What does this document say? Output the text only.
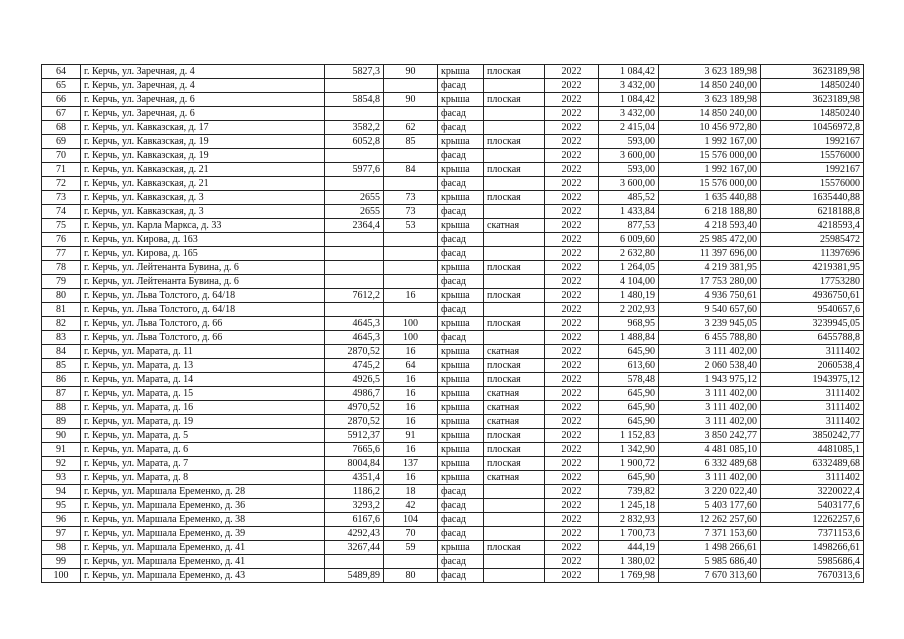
64	г. Керчь, ул. Заречная, д. 4	5827,3	90	крыша	плоская	2022	1 084,42	3 623 189,98	3623189,98
65	г. Керчь, ул. Заречная, д. 4			фасад		2022	3 432,00	14 850 240,00	14850240
66	г. Керчь, ул. Заречная, д. 6	5854,8	90	крыша	плоская	2022	1 084,42	3 623 189,98	3623189,98
67	г. Керчь, ул. Заречная, д. 6			фасад		2022	3 432,00	14 850 240,00	14850240
68	г. Керчь, ул. Кавказская, д. 17	3582,2	62	фасад		2022	2 415,04	10 456 972,80	10456972,8
69	г. Керчь, ул. Кавказская, д. 19	6052,8	85	крыша	плоская	2022	593,00	1 992 167,00	1992167
70	г. Керчь, ул. Кавказская, д. 19			фасад		2022	3 600,00	15 576 000,00	15576000
71	г. Керчь, ул. Кавказская, д. 21	5977,6	84	крыша	плоская	2022	593,00	1 992 167,00	1992167
72	г. Керчь, ул. Кавказская, д. 21			фасад		2022	3 600,00	15 576 000,00	15576000
73	г. Керчь, ул. Кавказская, д. 3	2655	73	крыша	плоская	2022	485,52	1 635 440,88	1635440,88
74	г. Керчь, ул. Кавказская, д. 3	2655	73	фасад		2022	1 433,84	6 218 188,80	6218188,8
75	г. Керчь, ул. Карла Маркса, д. 33	2364,4	53	крыша	скатная	2022	877,53	4 218 593,40	4218593,4
76	г. Керчь, ул. Кирова, д. 163			фасад		2022	6 009,60	25 985 472,00	25985472
77	г. Керчь, ул. Кирова, д. 165			фасад		2022	2 632,80	11 397 696,00	11397696
78	г. Керчь, ул. Лейтенанта Бувина, д. 6			крыша	плоская	2022	1 264,05	4 219 381,95	4219381,95
79	г. Керчь, ул. Лейтенанта Бувина, д. 6			фасад		2022	4 104,00	17 753 280,00	17753280
80	г. Керчь, ул. Льва Толстого, д. 64/18	7612,2	16	крыша	плоская	2022	1 480,19	4 936 750,61	4936750,61
81	г. Керчь, ул. Льва Толстого, д. 64/18			фасад		2022	2 202,93	9 540 657,60	9540657,6
82	г. Керчь, ул. Льва Толстого, д. 66	4645,3	100	крыша	плоская	2022	968,95	3 239 945,05	3239945,05
83	г. Керчь, ул. Льва Толстого, д. 66	4645,3	100	фасад		2022	1 488,84	6 455 788,80	6455788,8
84	г. Керчь, ул. Марата, д. 11	2870,52	16	крыша	скатная	2022	645,90	3 111 402,00	3111402
85	г. Керчь, ул. Марата, д. 13	4745,2	64	крыша	плоская	2022	613,60	2 060 538,40	2060538,4
86	г. Керчь, ул. Марата, д. 14	4926,5	16	крыша	плоская	2022	578,48	1 943 975,12	1943975,12
87	г. Керчь, ул. Марата, д. 15	4986,7	16	крыша	скатная	2022	645,90	3 111 402,00	3111402
88	г. Керчь, ул. Марата, д. 16	4970,52	16	крыша	скатная	2022	645,90	3 111 402,00	3111402
89	г. Керчь, ул. Марата, д. 19	2870,52	16	крыша	скатная	2022	645,90	3 111 402,00	3111402
90	г. Керчь, ул. Марата, д. 5	5912,37	91	крыша	плоская	2022	1 152,83	3 850 242,77	3850242,77
91	г. Керчь, ул. Марата, д. 6	7665,6	16	крыша	плоская	2022	1 342,90	4 481 085,10	4481085,1
92	г. Керчь, ул. Марата, д. 7	8004,84	137	крыша	плоская	2022	1 900,72	6 332 489,68	6332489,68
93	г. Керчь, ул. Марата, д. 8	4351,4	16	крыша	скатная	2022	645,90	3 111 402,00	3111402
94	г. Керчь, ул. Маршала Еременко, д. 28	1186,2	18	фасад		2022	739,82	3 220 022,40	3220022,4
95	г. Керчь, ул. Маршала Еременко, д. 36	3293,2	42	фасад		2022	1 245,18	5 403 177,60	5403177,6
96	г. Керчь, ул. Маршала Еременко, д. 38	6167,6	104	фасад		2022	2 832,93	12 262 257,60	12262257,6
97	г. Керчь, ул. Маршала Еременко, д. 39	4292,43	70	фасад		2022	1 700,73	7 371 153,60	7371153,6
98	г. Керчь, ул. Маршала Еременко, д. 41	3267,44	59	крыша	плоская	2022	444,19	1 498 266,61	1498266,61
99	г. Керчь, ул. Маршала Еременко, д. 41			фасад		2022	1 380,02	5 985 686,40	5985686,4
100	г. Керчь, ул. Маршала Еременко, д. 43	5489,89	80	фасад		2022	1 769,98	7 670 313,60	7670313,6
